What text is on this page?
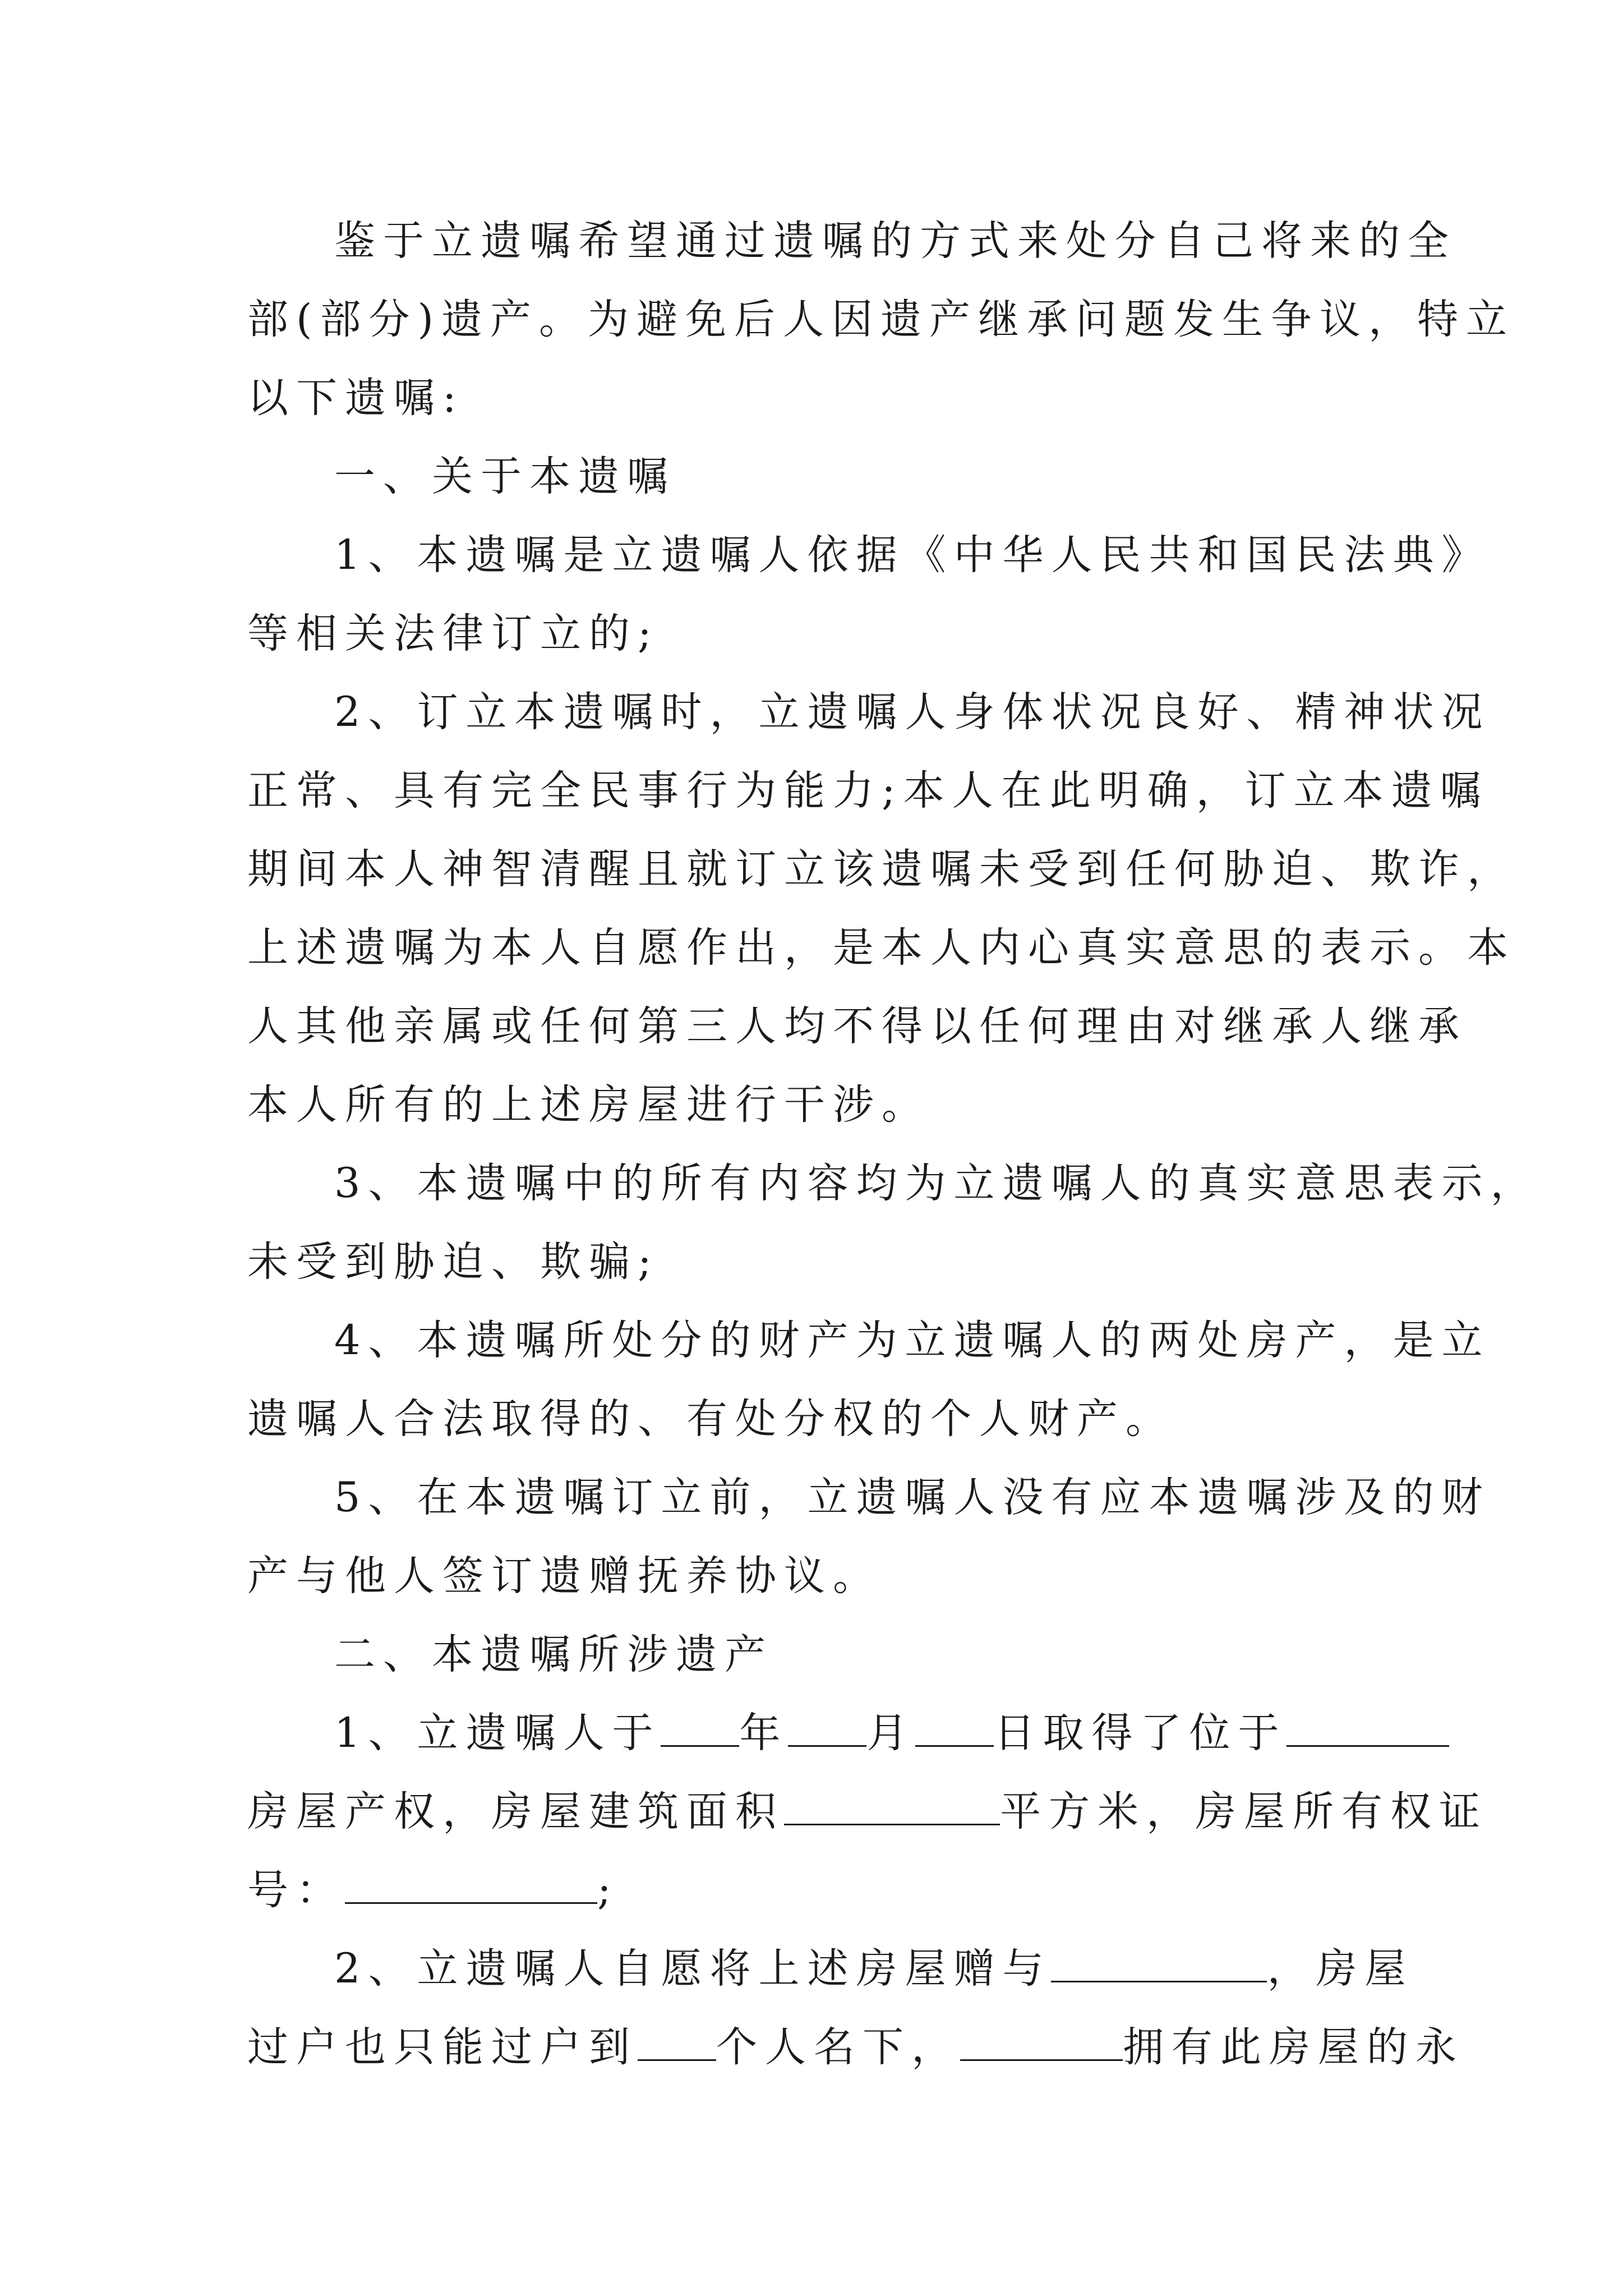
鉴于立遗嘱希望通过遗嘱的方式来处分自己将来的全
部(部分)遗产。为避免后人因遗产继承问题发生争议，特立
以下遗嘱:
一、关于本遗嘱
1、本遗嘱是立遗嘱人依据《中华人民共和国民法典》
等相关法律订立的;
2、订立本遗嘱时，立遗嘱人身体状况良好、精神状况
正常、具有完全民事行为能力;本人在此明确，订立本遗嘱
期间本人神智清醒且就订立该遗嘱未受到任何胁迫、欺诈，
上述遗嘱为本人自愿作出，是本人内心真实意思的表示。本
人其他亲属或任何第三人均不得以任何理由对继承人继承
本人所有的上述房屋进行干涉。
3、本遗嘱中的所有内容均为立遗嘱人的真实意思表示，
未受到胁迫、欺骗;
4、本遗嘱所处分的财产为立遗嘱人的两处房产，是立
遗嘱人合法取得的、有处分权的个人财产。
5、在本遗嘱订立前，立遗嘱人没有应本遗嘱涉及的财
产与他人签订遗赠抚养协议。
二、本遗嘱所涉遗产
1、立遗嘱人于 年 月 日取得了位于
房屋产权，房屋建筑面积	平方米，房屋所有权证
号：	;
2、立遗嘱人自愿将上述房屋赠与	，房屋
过户也只能过户到 个人名下，	拥有此房屋的永
